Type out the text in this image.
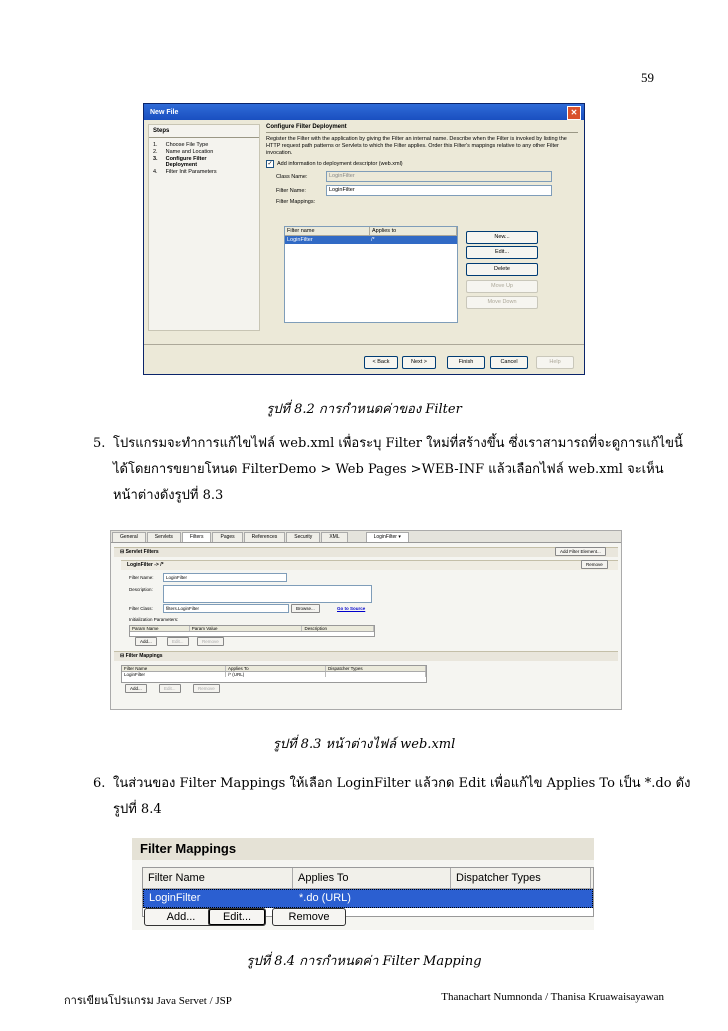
59
New File	✕
Steps
1. Choose File Type
2. Name and Location
3. Configure Filter Deployment
4. Filter Init Parameters
Configure Filter Deployment
Register the Filter with the application by giving the Filter an internal name. Describe when the Filter is invoked by listing the HTTP request path patterns or Servlets to which the Filter applies. Order this Filter's mappings relative to any other Filter invocation.
✓ Add information to deployment descriptor (web.xml)
Class Name:	LoginFilter
Filter Name:	LoginFilter
Filter Mappings:
Filter name	Applies to
LoginFilter	/*	New...
Edit...
Delete
Move Up
Move Down
< Back	Next >	Finish	Cancel	Help
รูปที่ 8.2 การกำหนดค่าของ Filter
5. โปรแกรมจะทำการแก้ไขไฟล์ web.xml เพื่อระบุ Filter ใหม่ที่สร้างขึ้น ซึ่งเราสามารถที่จะดูการแก้ไขนี้
ได้โดยการขยายโหนด FilterDemo > Web Pages >WEB-INF แล้วเลือกไฟล์ web.xml จะเห็น
หน้าต่างดังรูปที่ 8.3
General	Servlets	Filters	Pages	References	Security	XML	LoginFilter ▾
⊟ Servlet Filters	Add Filter Element...
LoginFilter -> /*	Remove
Filter Name:	LoginFilter
Description:
Filter Class:	filters.LoginFilter	Browse...	Go to Source
Initialization Parameters:
Param Name	Param Value	Description
Add...	Edit...	Remove
⊟ Filter Mappings
Filter Name	Applies To	Dispatcher Types
LoginFilter	/* (URL)
Add...	Edit...	Remove
รูปที่ 8.3 หน้าต่างไฟล์ web.xml
6. ในส่วนของ Filter Mappings ให้เลือก LoginFilter แล้วกด Edit เพื่อแก้ไข Applies To เป็น *.do ดัง
รูปที่ 8.4
Filter Mappings
Filter Name	Applies To	Dispatcher Types
LoginFilter	*.do (URL)
Add...	Edit...	Remove
รูปที่ 8.4 การกำหนดค่า Filter Mapping
การเขียนโปรแกรม Java Servet / JSP	Thanachart Numnonda / Thanisa Kruawaisayawan
